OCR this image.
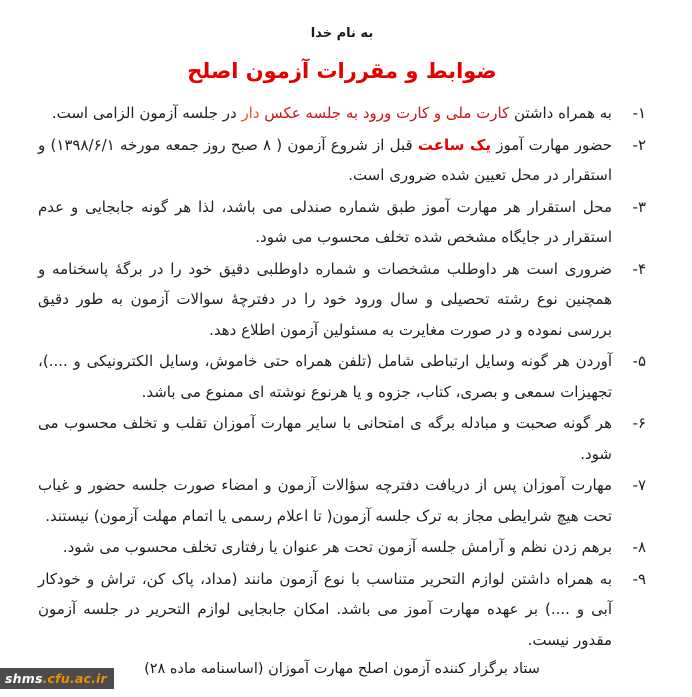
به نام خدا
ضوابط و مقررات آزمون اصلح
۱-
به همراه داشتن کارت ملی و کارت ورود به جلسه عکس دار در جلسه آزمون الزامی است.
۲-
حضور مهارت آموز یک ساعت قبل از شروع آزمون ( ۸ صبح روز جمعه مورخه ۱۳۹۸/۶/۱) و استقرار در محل تعیین شده ضروری است.
۳-
محل استقرار هر مهارت آموز طبق شماره صندلی می باشد، لذا هر گونه جابجایی و عدم استقرار در جایگاه مشخص شده تخلف محسوب می شود.
۴-
ضروری است هر داوطلب مشخصات و شماره داوطلبی دقیق خود را در برگۀ پاسخنامه و همچنین نوع رشته تحصیلی و سال ورود خود را در دفترچۀ سوالات آزمون به طور دقیق بررسی نموده و در صورت مغایرت به مسئولین آزمون اطلاع دهد.
۵-
آوردن هر گونه وسایل ارتباطی شامل (تلفن همراه حتی خاموش، وسایل الکترونیکی و ....)، تجهیزات سمعی و بصری، کتاب، جزوه و یا هرنوع نوشته ای ممنوع می باشد.
۶-
هر گونه صحبت و مبادله برگه ی امتحانی با سایر مهارت آموزان تقلب و تخلف محسوب می شود.
۷-
مهارت آموزان پس از دریافت دفترچه سؤالات آزمون و امضاء صورت جلسه حضور و غیاب تحت هیچ شرایطی مجاز به ترک جلسه آزمون( تا اعلام رسمی یا اتمام مهلت آزمون) نیستند.
۸-
برهم زدن نظم و آرامش جلسه آزمون تحت هر عنوان یا رفتاری تخلف محسوب می شود.
۹-
به همراه داشتن لوازم التحریر متناسب با نوع آزمون مانند (مداد، پاک کن، تراش و خودکار آبی و ....) بر عهده مهارت آموز می باشد. امکان جابجایی لوازم التحریر در جلسه آزمون مقدور نیست.
ستاد برگزار کننده آزمون اصلح مهارت آموزان (اساسنامه ماده ۲۸)
shms.cfu.ac.ir
